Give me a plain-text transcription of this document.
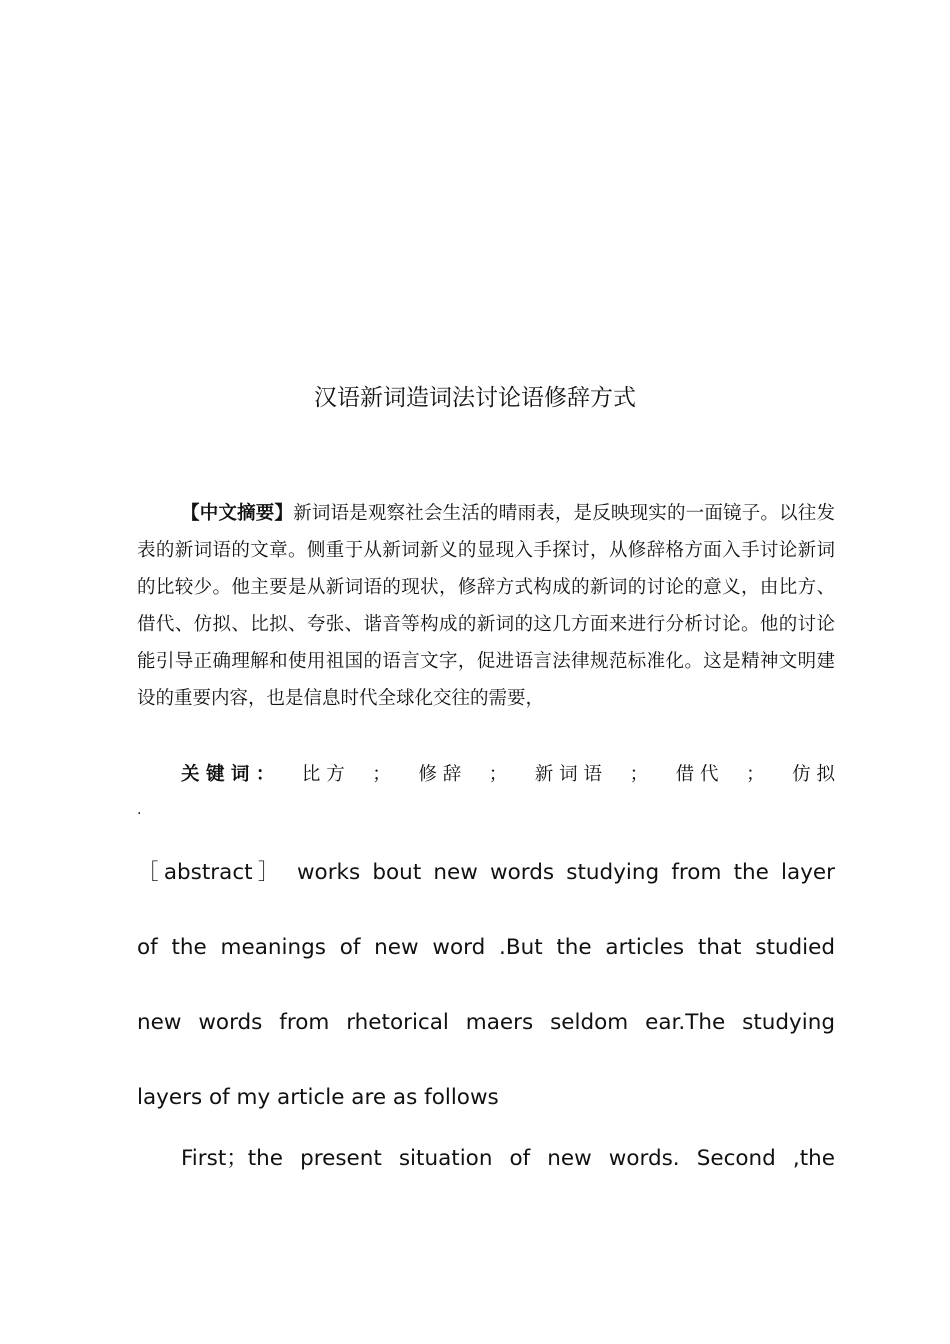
汉语新词造词法讨论语修辞方式

【中文摘要】新词语是观察社会生活的晴雨表，是反映现实的一面镜子。以往发表的新词语的文章。侧重于从新词新义的显现入手探讨，从修辞格方面入手讨论新词的比较少。他主要是从新词语的现状，修辞方式构成的新词的讨论的意义，由比方、借代、仿拟、比拟、夸张、谐音等构成的新词的这几方面来进行分析讨论。他的讨论能引导正确理解和使用祖国的语言文字，促进语言法律规范标准化。这是精神文明建设的重要内容，也是信息时代全球化交往的需要，

关 键 词 ： 比 方 ； 修 辞 ； 新 词 语 ； 借 代 ； 仿 拟

.

［abstract］ works bout new words studying from the layer
of the meanings of new word .But the articles that studied
new words from rhetorical maers seldom ear.The studying
layers of my article are as follows

First；the present situation of new words. Second ,the
